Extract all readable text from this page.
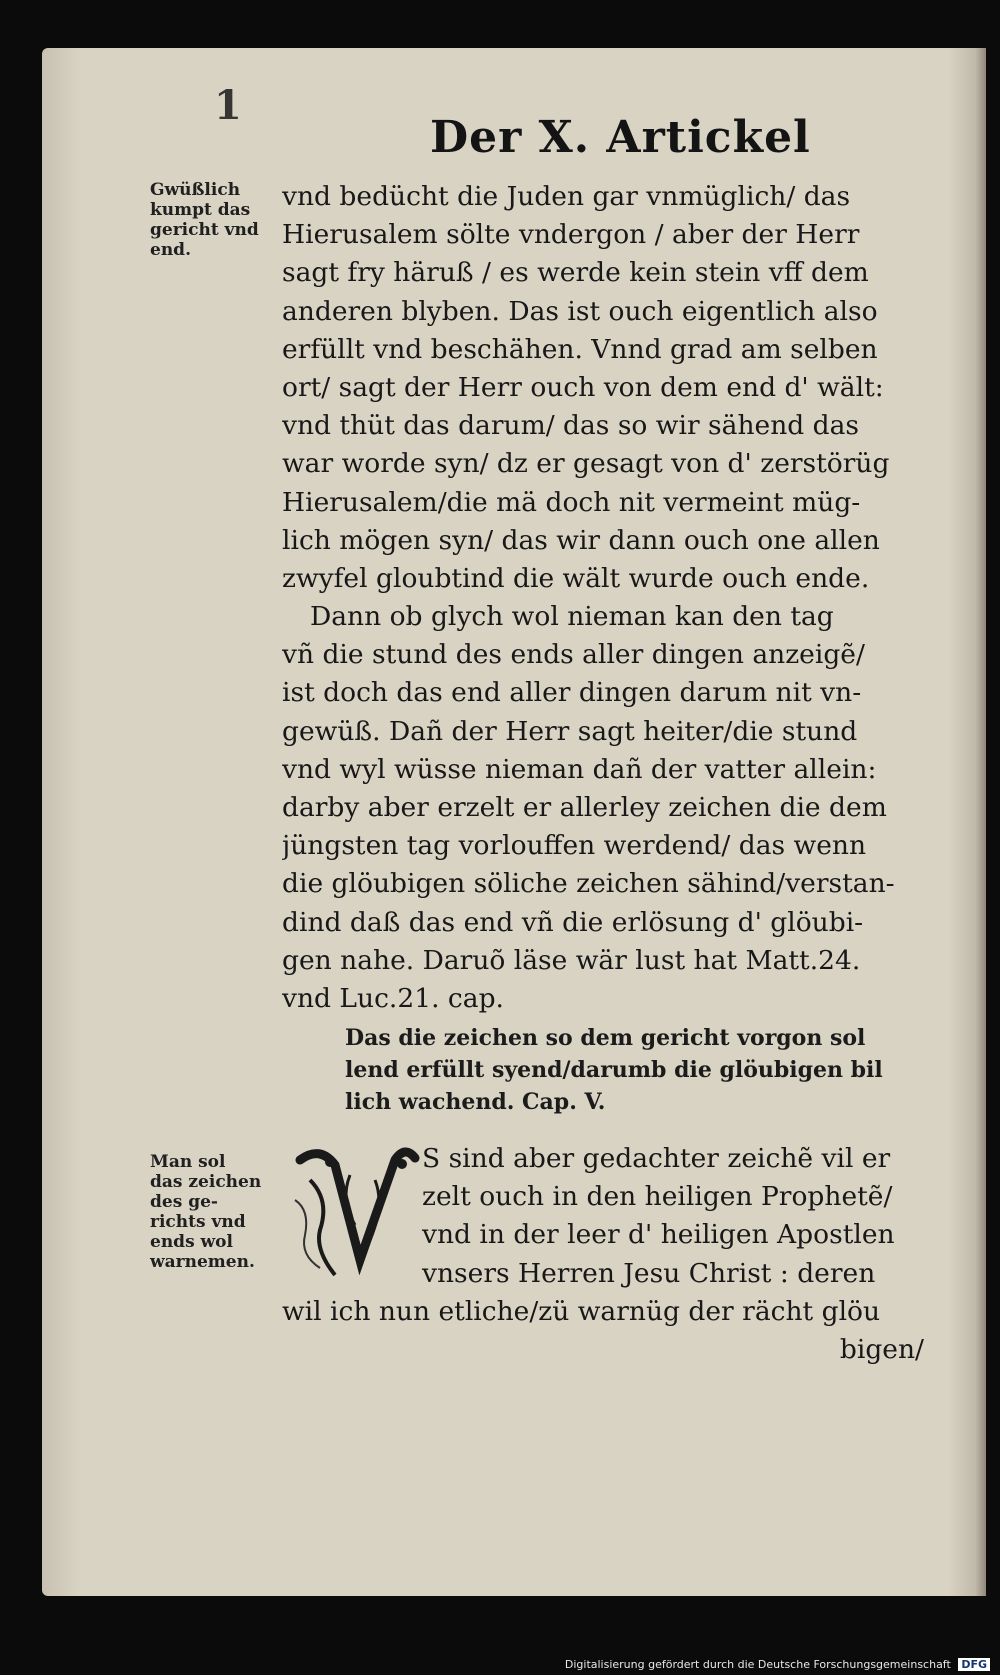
1
Der X. Artickel
Gwüßlich
kumpt das
gericht vnd
end.
vnd bedücht die Juden gar vnmüglich/ das
Hierusalem sölte vndergon / aber der Herr
sagt fry häruß / es werde kein stein vff dem
anderen blyben. Das ist ouch eigentlich also
erfüllt vnd beschähen. Vnnd grad am selben
ort/ sagt der Herr ouch von dem end d' wält:
vnd thüt das darum/ das so wir sähend das
war worde syn/ dz er gesagt von d' zerstörüg
Hierusalem/die mä doch nit vermeint müg-
lich mögen syn/ das wir dann ouch one allen
zwyfel gloubtind die wält wurde ouch ende.
Dann ob glych wol nieman kan den tag
vñ die stund des ends aller dingen anzeigẽ/
ist doch das end aller dingen darum nit vn-
gewüß. Dañ der Herr sagt heiter/die stund
vnd wyl wüsse nieman dañ der vatter allein:
darby aber erzelt er allerley zeichen die dem
jüngsten tag vorlouffen werdend/ das wenn
die glöubigen söliche zeichen sähind/verstan-
dind daß das end vñ die erlösung d' glöubi-
gen nahe. Daruõ läse wär lust hat Matt.24.
vnd Luc.21. cap.
Das die zeichen so dem gericht vorgon sol
lend erfüllt syend/darumb die glöubigen bil
lich wachend. Cap. V.
Man sol
das zeichen
des ge-
richts vnd
ends wol
warnemen.
V
S sind aber gedachter zeichẽ vil er
zelt ouch in den heiligen Prophetẽ/
vnd in der leer d' heiligen Apostlen
vnsers Herren Jesu Christ : deren
wil ich nun etliche/zü warnüg der rächt glöu
bigen/
Digitalisierung gefördert durch die Deutsche Forschungsgemeinschaft DFG
